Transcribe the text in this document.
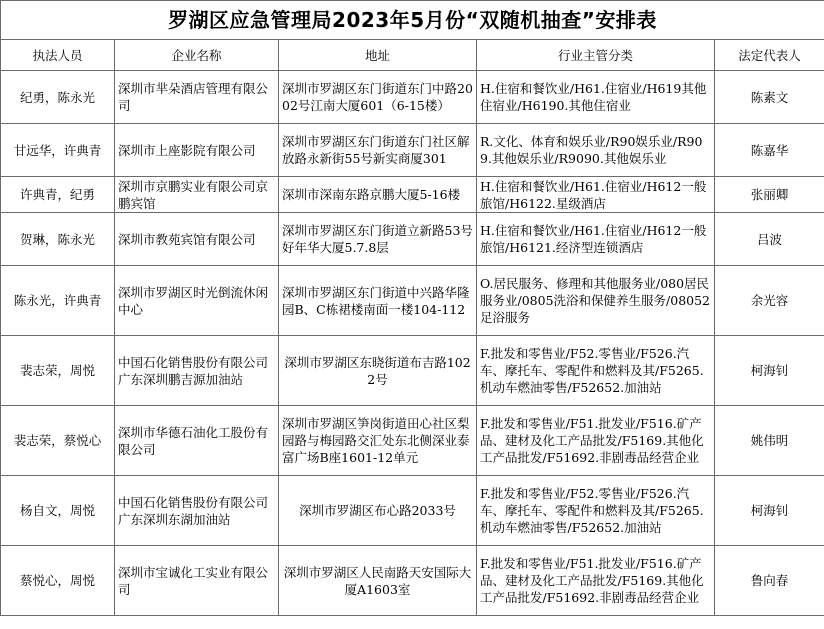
罗湖区应急管理局2023年5月份“双随机抽查”安排表				
执法人员	企业名称	地址	行业主管分类	法定代表人
纪勇，陈永光	深圳市芈朵酒店管理有限公司	深圳市罗湖区东门街道东门中路2002号江南大厦601（6-15楼）	H.住宿和餐饮业/H61.住宿业/H619其他住宿业/H6190.其他住宿业	陈素文
甘远华，许典青	深圳市上座影院有限公司	深圳市罗湖区东门街道东门社区解放路永新街55号新实商厦301	R.文化、体育和娱乐业/R90娱乐业/R909.其他娱乐业/R9090.其他娱乐业	陈嘉华
许典青，纪勇	深圳市京鹏实业有限公司京鹏宾馆	深圳市深南东路京鹏大厦5-16楼	H.住宿和餐饮业/H61.住宿业/H612一般旅馆/H6122.星级酒店	张丽卿
贺琳，陈永光	深圳市教苑宾馆有限公司	深圳市罗湖区东门街道立新路53号好年华大厦5.7.8层	H.住宿和餐饮业/H61.住宿业/H612一般旅馆/H6121.经济型连锁酒店	吕波
陈永光，许典青	深圳市罗湖区时光倒流休闲中心	深圳市罗湖区东门街道中兴路华隆园B、C栋裙楼南面一楼104-112	O.居民服务、修理和其他服务业/080居民服务业/0805洗浴和保健养生服务/08052足浴服务	余光容
裴志荣，周悦	中国石化销售股份有限公司广东深圳鹏吉源加油站	深圳市罗湖区东晓街道布吉路1022号	F.批发和零售业/F52.零售业/F526.汽车、摩托车、零配件和燃料及其/F5265.机动车燃油零售/F52652.加油站	柯海钊
裴志荣，蔡悦心	深圳市华德石油化工股份有限公司	深圳市罗湖区笋岗街道田心社区梨园路与梅园路交汇处东北侧深业泰富广场B座1601-12单元	F.批发和零售业/F51.批发业/F516.矿产品、建材及化工产品批发/F5169.其他化工产品批发/F51692.非剧毒品经营企业	姚伟明
杨自文，周悦	中国石化销售股份有限公司广东深圳东湖加油站	深圳市罗湖区布心路2033号	F.批发和零售业/F52.零售业/F526.汽车、摩托车、零配件和燃料及其/F5265.机动车燃油零售/F52652.加油站	柯海钊
蔡悦心，周悦	深圳市宝诚化工实业有限公司	深圳市罗湖区人民南路天安国际大厦A1603室	F.批发和零售业/F51.批发业/F516.矿产品、建材及化工产品批发/F5169.其他化工产品批发/F51692.非剧毒品经营企业	鲁向春
